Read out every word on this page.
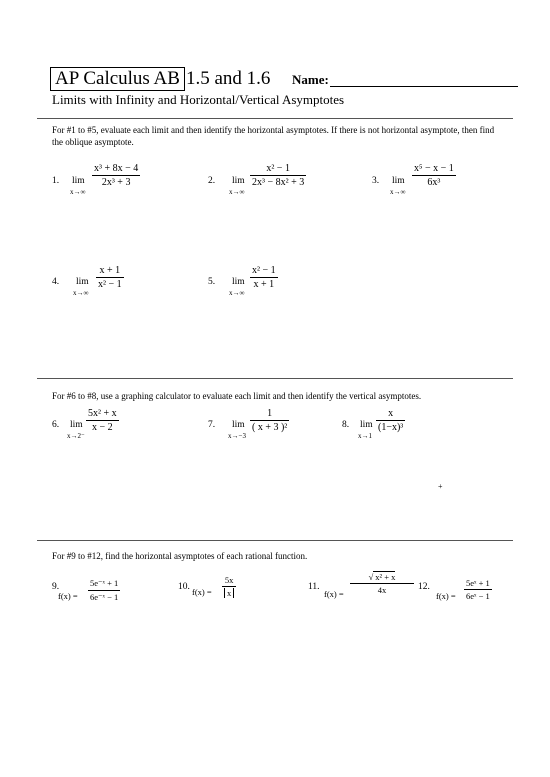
AP Calculus AB 1.5 and 1.6 Name:
Limits with Infinity and Horizontal/Vertical Asymptotes
For #1 to #5, evaluate each limit and then identify the horizontal asymptotes. If there is not horizontal asymptote, then find the oblique asymptote.
1. lim
x→∞
x³ + 8x − 4
2x³ + 3	2. lim
x→∞
x² − 1
2x³ − 8x² + 3	3. lim
x→∞
x⁵ − x − 1
6x³
4. lim
x→∞
x + 1
x² − 1	5. lim
x→∞
x² − 1
x + 1
For #6 to #8, use a graphing calculator to evaluate each limit and then identify the vertical asymptotes.
6. lim
x→2⁻
5x² + x
x − 2	7. lim
x→−3
1
( x + 3 )²	8. lim
x→1
x
(1−x)³
+
For #9 to #12, find the horizontal asymptotes of each rational function.
9.
f(x) =
5e⁻ˣ + 1
6e⁻ˣ − 1
10. f(x) =
5x
x
11.
f(x) =
√ x² + x
4x	12.
f(x) =
5eˣ + 1
6eˣ − 1
